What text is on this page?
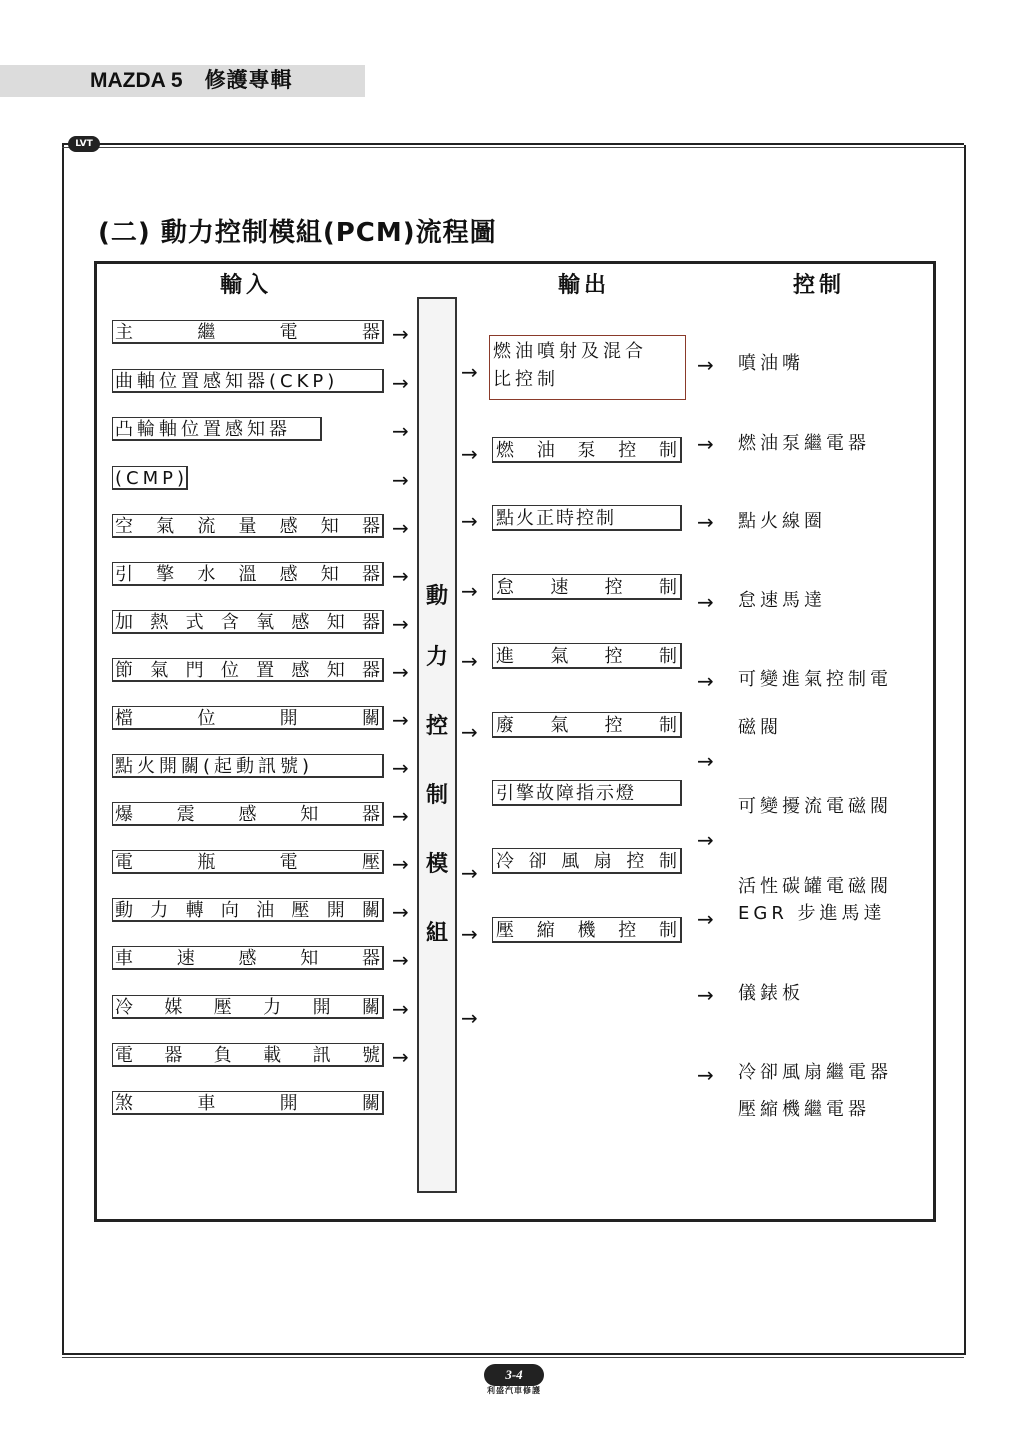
MAZDA 5 修護專輯
LVT
(二) 動力控制模組(PCM)流程圖
輸入	輸出	控制
主	繼	電	器
曲軸位置感知器(CKP)
凸輪軸位置感知器
(CMP)
空 氣 流 量 感 知 器
引 擎 水 溫 感 知 器
加 熱 式 含 氧 感 知 器
節 氣 門 位 置 感 知 器
檔	位	開	關
點火開關(起動訊號)
爆 震 感 知 器
電	瓶	電	壓
動 力 轉 向 油 壓 開 關
車 速 感 知 器
冷 媒 壓 力 開 關
電 器 負 載 訊 號
煞	車	開	關
動
力
控
制
模
組
燃油噴射及混合
比控制
燃 油 泵 控 制
點火正時控制
怠 速 控 制
進 氣 控 制
廢 氣 控 制
引擎故障指示燈
冷 卻 風 扇 控 制
壓 縮 機 控 制
噴油嘴
燃油泵繼電器
點火線圈
怠速馬達
可變進氣控制電
磁閥
可變擾流電磁閥
活性碳罐電磁閥
EGR 步進馬達
儀錶板
冷卻風扇繼電器
壓縮機繼電器
→
→
→
→
→
→
→
→
→
→
→
→
→
→
→
→
→
→
→
→
→
→
→
→
→
→
→
→
→
→
→
→
→
→
→
3-4
利盛汽車修護
